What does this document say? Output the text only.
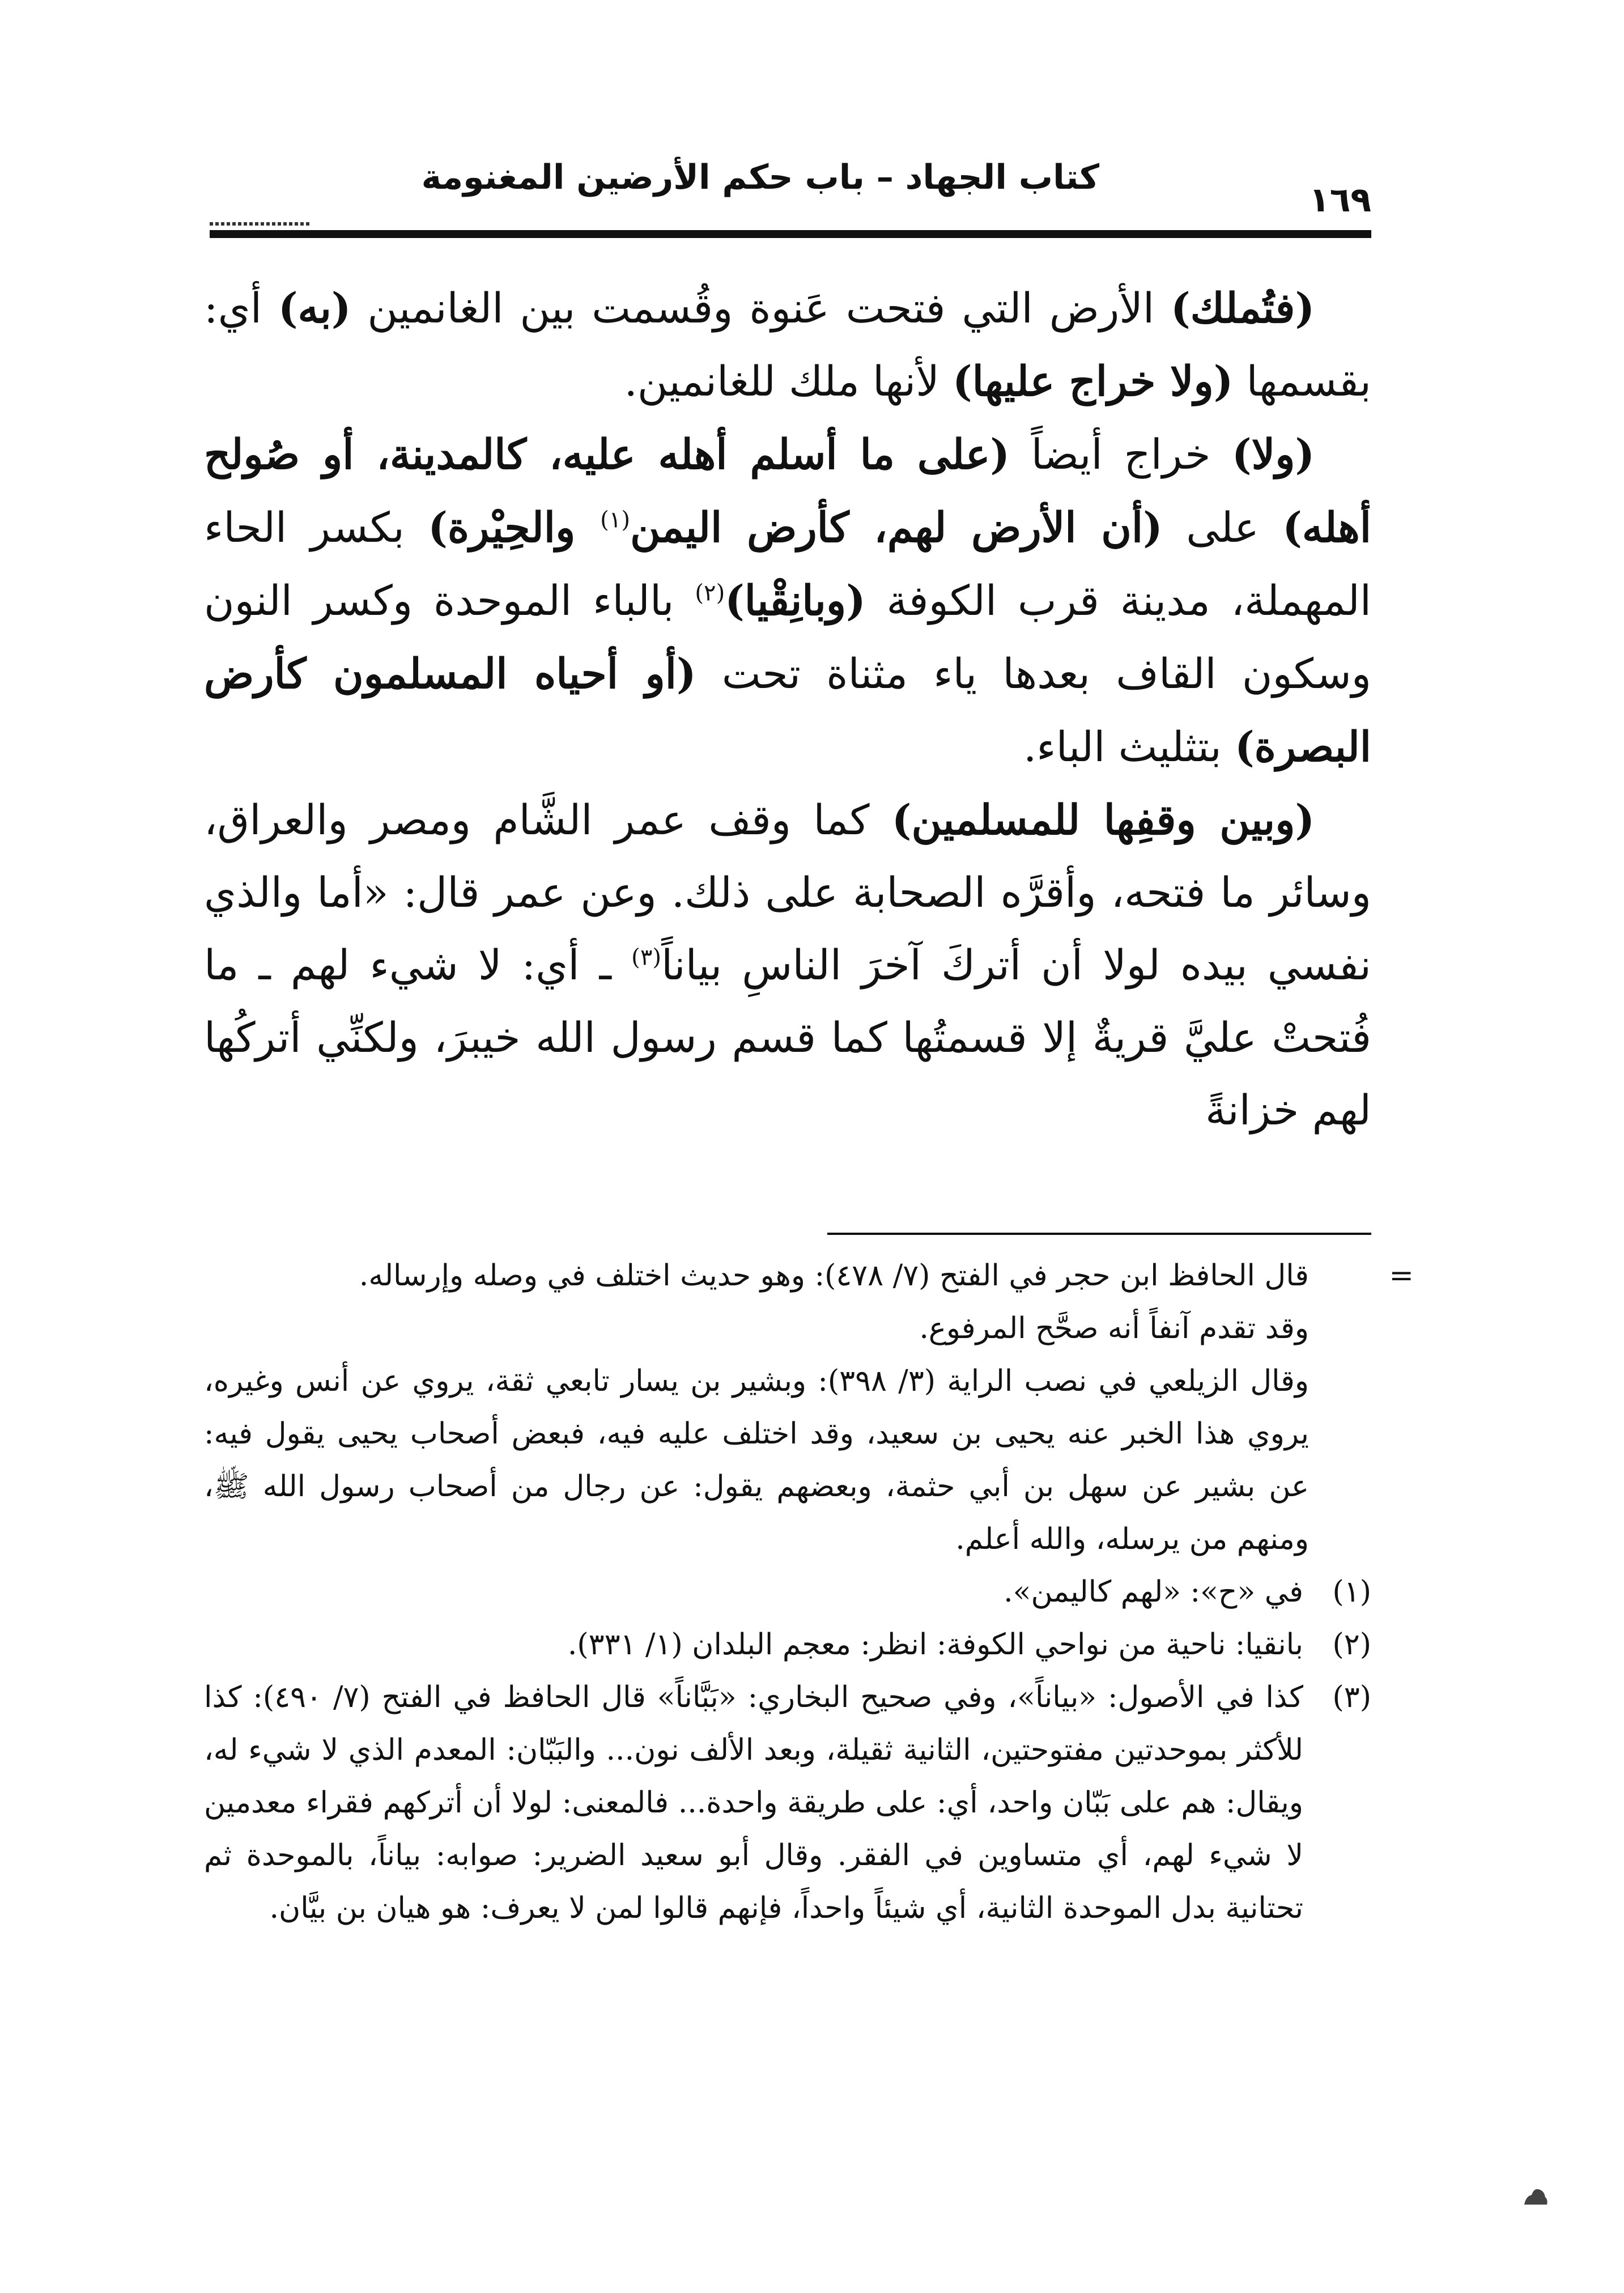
كتاب الجهاد – باب حكم الأرضين المغنومة
١٦٩

(فتُملك) الأرض التي فتحت عَنوة وقُسمت بين الغانمين (به) أي: بقسمها (ولا خراج عليها) لأنها ملك للغانمين.

(ولا) خراج أيضاً (على ما أسلم أهله عليه، كالمدينة، أو صُولح أهله) على (أن الأرض لهم، كأرض اليمن$^{(١)}$ والحِيْرة) بكسر الحاء المهملة، مدينة قرب الكوفة (وبانِقْيا)$^{(٢)}$ بالباء الموحدة وكسر النون وسكون القاف بعدها ياء مثناة تحت (أو أحياه المسلمون كأرض البصرة) بتثليث الباء.

(وبين وقفِها للمسلمين) كما وقف عمر الشَّام ومصر والعراق، وسائر ما فتحه، وأقرَّه الصحابة على ذلك. وعن عمر قال: «أما والذي نفسي بيده لولا أن أتركَ آخرَ الناسِ بياناً$^{(٣)}$ ـ أي: لا شيء لهم ـ ما فُتحتْ عليَّ قريةٌ إلا قسمتُها كما قسم رسول الله خيبرَ، ولكنِّي أتركُها لهم خزانةً

=

قال الحافظ ابن حجر في الفتح (٧/ ٤٧٨): وهو حديث اختلف في وصله وإرساله.

وقد تقدم آنفاً أنه صحَّح المرفوع.

وقال الزيلعي في نصب الراية (٣/ ٣٩٨): وبشير بن يسار تابعي ثقة، يروي عن أنس وغيره، يروي هذا الخبر عنه يحيى بن سعيد، وقد اختلف عليه فيه، فبعض أصحاب يحيى يقول فيه: عن بشير عن سهل بن أبي حثمة، وبعضهم يقول: عن رجال من أصحاب رسول الله ﷺ، ومنهم من يرسله، والله أعلم.

(١)

في «ح»: «لهم كاليمن».

(٢)

بانقيا: ناحية من نواحي الكوفة: انظر: معجم البلدان (١/ ٣٣١).

(٣)

كذا في الأصول: «بياناً»، وفي صحيح البخاري: «بَبَّاناً» قال الحافظ في الفتح (٧/ ٤٩٠): كذا للأكثر بموحدتين مفتوحتين، الثانية ثقيلة، وبعد الألف نون... والبَبّان: المعدم الذي لا شيء له، ويقال: هم على بَبّان واحد، أي: على طريقة واحدة... فالمعنى: لولا أن أتركهم فقراء معدمين لا شيء لهم، أي متساوين في الفقر. وقال أبو سعيد الضرير: صوابه: بياناً، بالموحدة ثم تحتانية بدل الموحدة الثانية، أي شيئاً واحداً، فإنهم قالوا لمن لا يعرف: هو هيان بن بيَّان.
